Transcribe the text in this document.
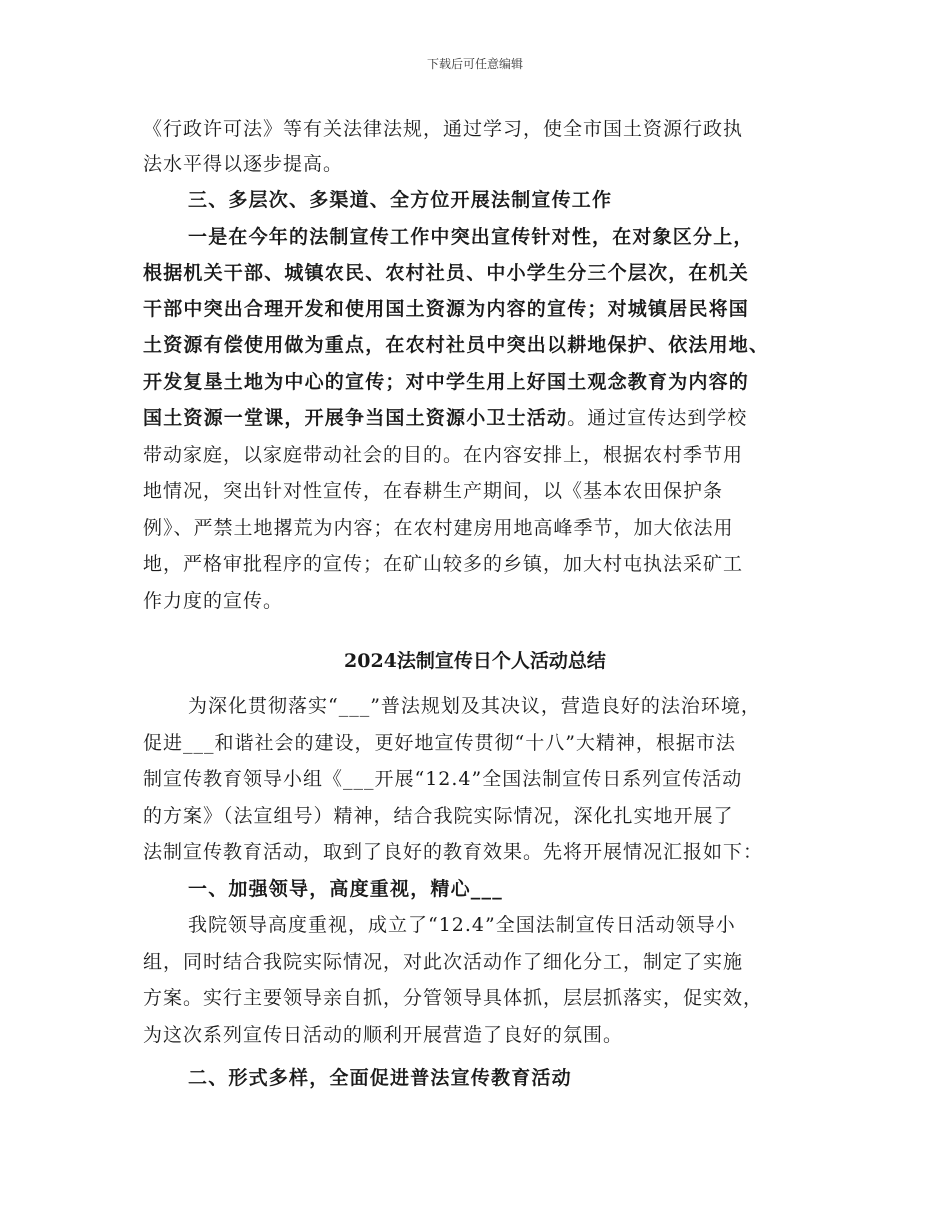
下载后可任意编辑
《行政许可法》等有关法律法规，通过学习，使全市国土资源行政执
法水平得以逐步提高。
三、多层次、多渠道、全方位开展法制宣传工作
一是在今年的法制宣传工作中突出宣传针对性，在对象区分上，
根据机关干部、城镇农民、农村社员、中小学生分三个层次，在机关
干部中突出合理开发和使用国土资源为内容的宣传；对城镇居民将国
土资源有偿使用做为重点，在农村社员中突出以耕地保护、依法用地、
开发复垦土地为中心的宣传；对中学生用上好国土观念教育为内容的
国土资源一堂课，开展争当国土资源小卫士活动。通过宣传达到学校
带动家庭，以家庭带动社会的目的。在内容安排上，根据农村季节用
地情况，突出针对性宣传，在春耕生产期间，以《基本农田保护条
例》、严禁土地撂荒为内容；在农村建房用地高峰季节，加大依法用
地，严格审批程序的宣传；在矿山较多的乡镇，加大村屯执法采矿工
作力度的宣传。
2024法制宣传日个人活动总结
为深化贯彻落实“___”普法规划及其决议，营造良好的法治环境，
促进___和谐社会的建设，更好地宣传贯彻“十八”大精神，根据市法
制宣传教育领导小组《___开展“12.4”全国法制宣传日系列宣传活动
的方案》（法宣组号）精神，结合我院实际情况，深化扎实地开展了
法制宣传教育活动，取到了良好的教育效果。先将开展情况汇报如下：
一、加强领导，高度重视，精心___
我院领导高度重视，成立了“12.4”全国法制宣传日活动领导小
组，同时结合我院实际情况，对此次活动作了细化分工，制定了实施
方案。实行主要领导亲自抓，分管领导具体抓，层层抓落实，促实效，
为这次系列宣传日活动的顺利开展营造了良好的氛围。
二、形式多样，全面促进普法宣传教育活动
